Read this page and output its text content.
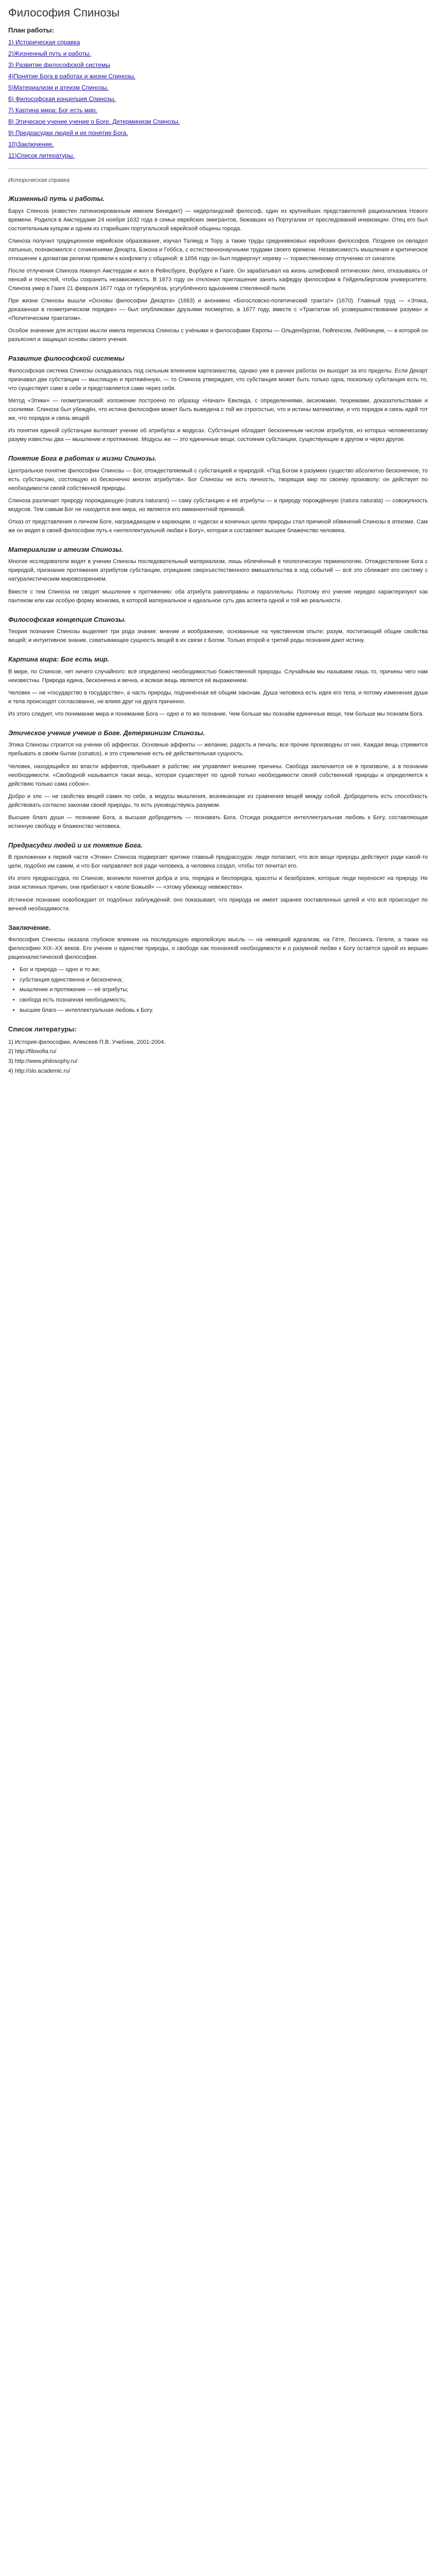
Философия Спинозы
План работы:
1) Историческая справка
2)Жизненный путь и работы.
3) Развитие философской системы
4)Понятие Бога в работах и жизни Спинозы.
5)Материализм и атеизм Спинозы.
6) Философская концепция Спинозы.
7) Картина мира: Бог есть мир.
8) Этическое учение учение о Боге. Детерминизм Спинозы.
9) Предрасудки людей и их понятие Бога.
10)Заключение.
11)Список литературы.
Историческая справка
Жизненный путь и работы.

Барух Спиноза (известен латинизированным именем Бенедикт) — нидерландский философ, один из крупнейших представителей рационализма Нового времени. Родился в Амстердаме 24 ноября 1632 года в семье еврейских эмигрантов, бежавших из Португалии от преследований инквизиции. Отец его был состоятельным купцом и одним из старейшин португальской еврейской общины города.

Спиноза получил традиционное еврейское образование, изучал Талмуд и Тору, а также труды средневековых еврейских философов. Позднее он овладел латынью, познакомился с сочинениями Декарта, Бэкона и Гоббса, с естественнонаучными трудами своего времени. Независимость мышления и критическое отношение к догматам религии привели к конфликту с общиной: в 1656 году он был подвергнут херему — торжественному отлучению от синагоги.

После отлучения Спиноза покинул Амстердам и жил в Рейнсбурге, Ворбурге и Гааге. Он зарабатывал на жизнь шлифовкой оптических линз, отказываясь от пенсий и почестей, чтобы сохранить независимость. В 1673 году он отклонил приглашение занять кафедру философии в Гейдельбергском университете. Спиноза умер в Гааге 21 февраля 1677 года от туберкулёза, усугублённого вдыханием стеклянной пыли.

При жизни Спинозы вышли «Основы философии Декарта» (1663) и анонимно «Богословско-политический трактат» (1670). Главный труд — «Этика, доказанная в геометрическом порядке» — был опубликован друзьями посмертно, в 1677 году, вместе с «Трактатом об усовершенствовании разума» и «Политическим трактатом».

Особое значение для истории мысли имела переписка Спинозы с учёными и философами Европы — Ольденбургом, Гюйгенсом, Лейбницем, — в которой он разъяснял и защищал основы своего учения.

Развитие философской системы

Философская система Спинозы складывалась под сильным влиянием картезианства, однако уже в ранних работах он выходит за его пределы. Если Декарт признавал две субстанции — мыслящую и протяжённую, — то Спиноза утверждает, что субстанция может быть только одна, поскольку субстанция есть то, что существует само в себе и представляется само через себя.

Метод «Этики» — геометрический: изложение построено по образцу «Начал» Евклида, с определениями, аксиомами, теоремами, доказательствами и схолиями. Спиноза был убеждён, что истина философии может быть выведена с той же строгостью, что и истины математики, и что порядок и связь идей тот же, что порядок и связь вещей.

Из понятия единой субстанции вытекает учение об атрибутах и модусах. Субстанция обладает бесконечным числом атрибутов, из которых человеческому разуму известны два — мышление и протяжение. Модусы же — это единичные вещи, состояния субстанции, существующие в другом и через другое.

Понятие Бога в работах и жизни Спинозы.

Центральное понятие философии Спинозы — Бог, отождествляемый с субстанцией и природой. «Под Богом я разумею существо абсолютно бесконечное, то есть субстанцию, состоящую из бесконечно многих атрибутов». Бог Спинозы не есть личность, творящая мир по своему произволу: он действует по необходимости своей собственной природы.

Спиноза различает природу порождающую (natura naturans) — саму субстанцию и её атрибуты — и природу порождённую (natura naturata) — совокупность модусов. Тем самым Бог не находится вне мира, но является его имманентной причиной.

Отказ от представления о личном Боге, награждающем и карающем, о чудесах и конечных целях природы стал причиной обвинений Спинозы в атеизме. Сам же он видел в своей философии путь к «интеллектуальной любви к Богу», которая и составляет высшее блаженство человека.

Материализм и атеизм Спинозы.

Многие исследователи видят в учении Спинозы последовательный материализм, лишь облечённый в теологическую терминологию. Отождествление Бога с природой, признание протяжения атрибутом субстанции, отрицание сверхъестественного вмешательства в ход событий — всё это сближает его систему с натуралистическим мировоззрением.

Вместе с тем Спиноза не сводит мышление к протяжению: оба атрибута равноправны и параллельны. Поэтому его учение нередко характеризуют как пантеизм или как особую форму монизма, в которой материальное и идеальное суть два аспекта одной и той же реальности.

Философская концепция Спинозы.

Теория познания Спинозы выделяет три рода знания: мнение и воображение, основанные на чувственном опыте; разум, постигающий общие свойства вещей; и интуитивное знание, схватывающее сущность вещей в их связи с Богом. Только второй и третий роды познания дают истину.

Картина мира: Бог есть мир.

В мире, по Спинозе, нет ничего случайного: всё определено необходимостью божественной природы. Случайным мы называем лишь то, причины чего нам неизвестны. Природа едина, бесконечна и вечна, и всякая вещь является её выражением.

Человек — не «государство в государстве», а часть природы, подчинённая её общим законам. Душа человека есть идея его тела, и потому изменения души и тела происходят согласованно, не влияя друг на друга причинно.

Из этого следует, что понимание мира и понимание Бога — одно и то же познание. Чем больше мы познаём единичные вещи, тем больше мы познаём Бога.

Этическое учение учение о Боге. Детерминизм Спинозы.

Этика Спинозы строится на учении об аффектах. Основные аффекты — желание, радость и печаль; все прочие производны от них. Каждая вещь стремится пребывать в своём бытии (conatus), и это стремление есть её действительная сущность.

Человек, находящийся во власти аффектов, пребывает в рабстве: им управляют внешние причины. Свобода заключается не в произволе, а в познании необходимости. «Свободной называется такая вещь, которая существует по одной только необходимости своей собственной природы и определяется к действию только сама собою».

Добро и зло — не свойства вещей самих по себе, а модусы мышления, возникающие из сравнения вещей между собой. Добродетель есть способность действовать согласно законам своей природы, то есть руководствуясь разумом.

Высшее благо души — познание Бога, а высшая добродетель — познавать Бога. Отсюда рождается интеллектуальная любовь к Богу, составляющая истинную свободу и блаженство человека.

Предрасудки людей и их понятие Бога.

В приложении к первой части «Этики» Спиноза подвергает критике главный предрассудок: люди полагают, что все вещи природы действуют ради какой-то цели, подобно им самим, и что Бог направляет всё ради человека, а человека создал, чтобы тот почитал его.

Из этого предрассудка, по Спинозе, возникли понятия добра и зла, порядка и беспорядка, красоты и безобразия, которые люди переносят на природу. Не зная истинных причин, они прибегают к «воле Божьей» — «этому убежищу невежества».

Истинное познание освобождает от подобных заблуждений: оно показывает, что природа не имеет заранее поставленных целей и что всё происходит по вечной необходимости.

Заключение.

Философия Спинозы оказала глубокое влияние на последующую европейскую мысль — на немецкий идеализм, на Гёте, Лессинга, Гегеля, а также на философию XIX–XX веков. Его учение о единстве природы, о свободе как познанной необходимости и о разумной любви к Богу остаётся одной из вершин рационалистической философии.

• Бог и природа — одно и то же;
• субстанция единственна и бесконечна;
• мышление и протяжение — её атрибуты;
• свобода есть познанная необходимость;
• высшее благо — интеллектуальная любовь к Богу.
Список литературы:
1) История философии, Алексеев П.В. Учебник, 2001-2004.
2) http://filosofia.ru/
3) http://www.philosophy.ru/
4) http://slo.academic.ru/
